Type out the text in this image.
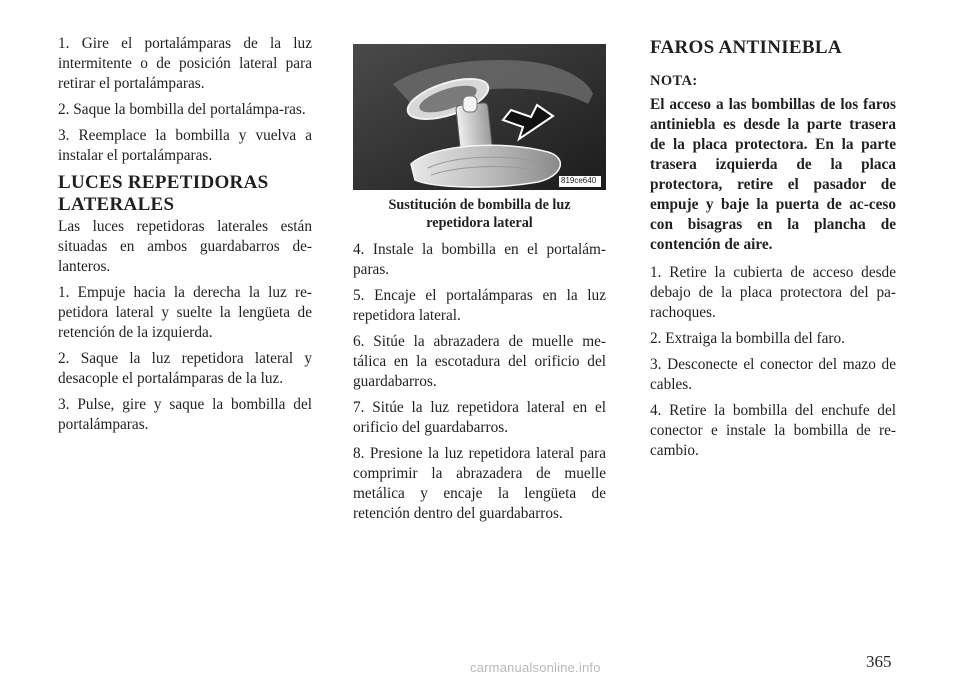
1. Gire el portalámparas de la luz intermitente o de posición lateral para retirar el portalámparas.

2. Saque la bombilla del portalámpa-ras.

3. Reemplace la bombilla y vuelva a instalar el portalámparas.

LUCES REPETIDORAS
LATERALES

Las luces repetidoras laterales están situadas en ambos guardabarros de-lanteros.

1. Empuje hacia la derecha la luz re-petidora lateral y suelte la lengüeta de retención de la izquierda.

2. Saque la luz repetidora lateral y desacople el portalámparas de la luz.

3. Pulse, gire y saque la bombilla del portalámparas.

819ce640
Sustitución de bombilla de luz
repetidora lateral

4. Instale la bombilla en el portalám-paras.

5. Encaje el portalámparas en la luz repetidora lateral.

6. Sitúe la abrazadera de muelle me-tálica en la escotadura del orificio del guardabarros.

7. Sitúe la luz repetidora lateral en el orificio del guardabarros.

8. Presione la luz repetidora lateral para comprimir la abrazadera de muelle metálica y encaje la lengüeta de retención dentro del guardabarros.

FAROS ANTINIEBLA

NOTA:

El acceso a las bombillas de los faros antiniebla es desde la parte trasera de la placa protectora. En la parte trasera izquierda de la placa protectora, retire el pasador de empuje y baje la puerta de ac-ceso con bisagras en la plancha de contención de aire.

1. Retire la cubierta de acceso desde debajo de la placa protectora del pa-rachoques.

2. Extraiga la bombilla del faro.

3. Desconecte el conector del mazo de cables.

4. Retire la bombilla del enchufe del conector e instale la bombilla de re-cambio.

365
carmanualsonline.info
